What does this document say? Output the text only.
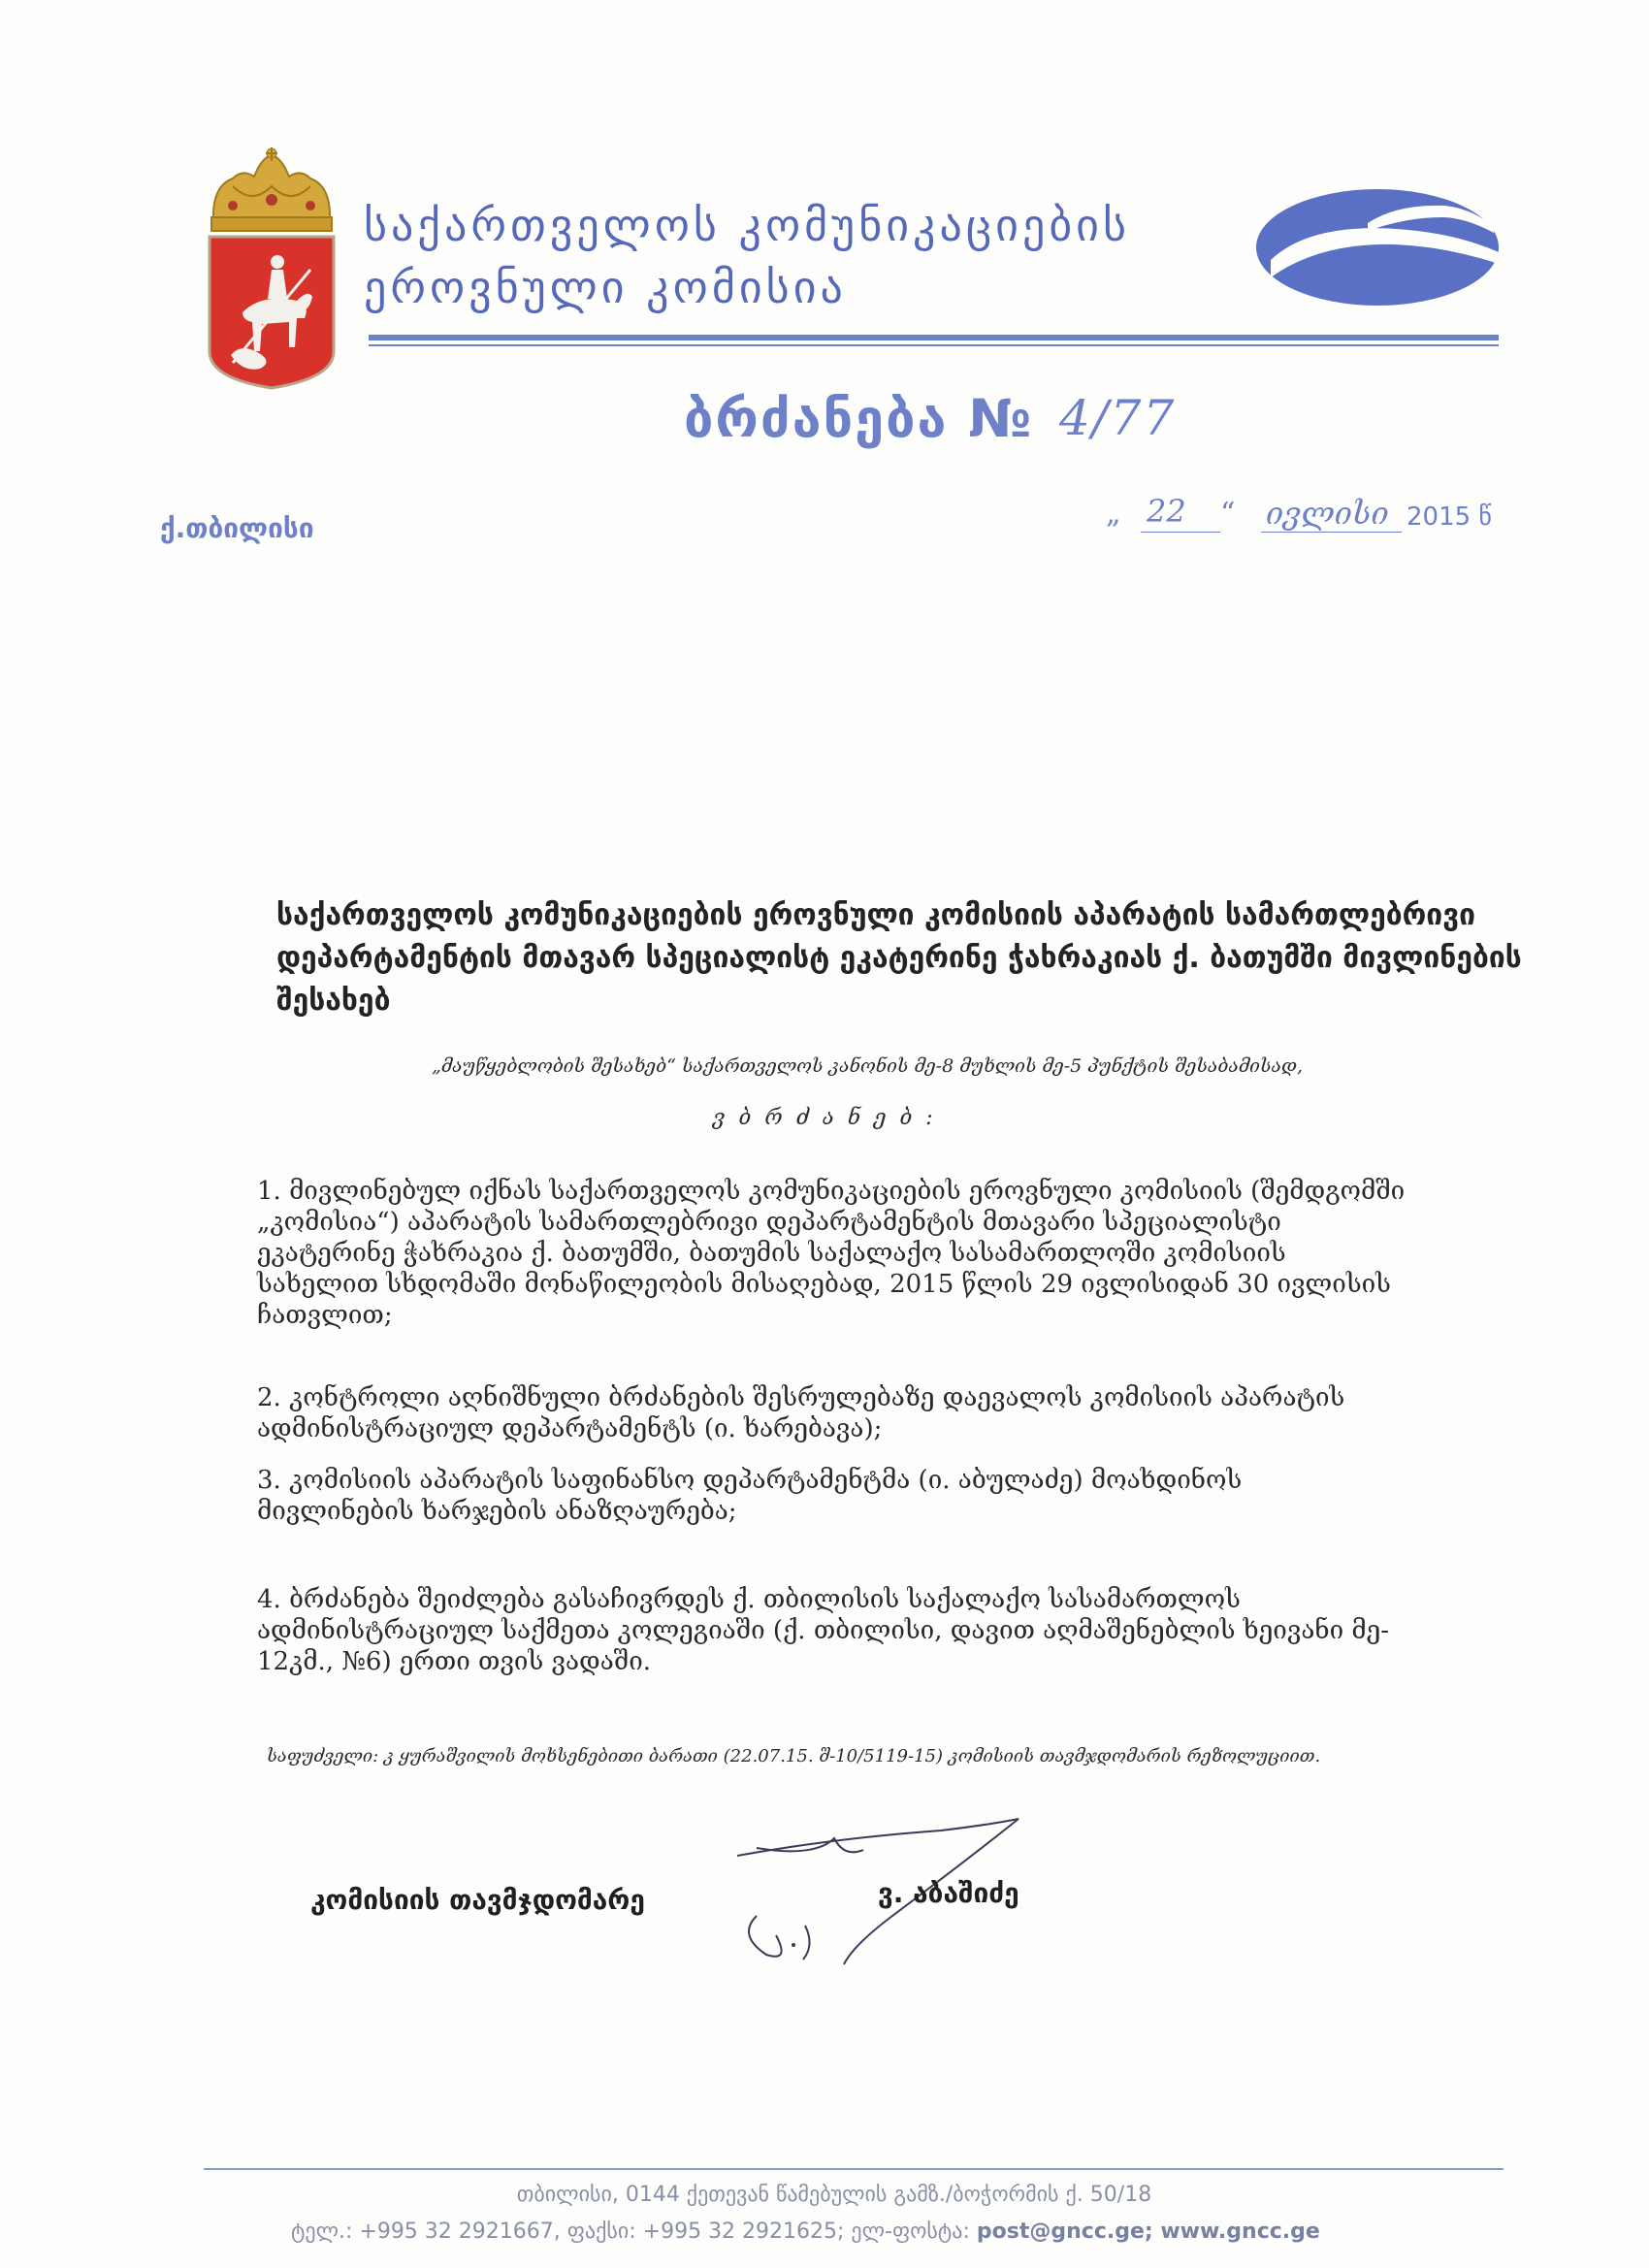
საქართველოს კომუნიკაციების
ეროვნული კომისია
ბრძანება № 4/77
ქ.თბილისი	„ 22 “ ივლისი 2015 წ
საქართველოს კომუნიკაციების ეროვნული კომისიის აპარატის სამართლებრივი
დეპარტამენტის მთავარ სპეციალისტ ეკატერინე ჭახრაკიას ქ. ბათუმში მივლინების
შესახებ
„მაუწყებლობის შესახებ“ საქართველოს კანონის მე-8 მუხლის მე-5 პუნქტის შესაბამისად,
ვბრძანებ:
1. მივლინებულ იქნას საქართველოს კომუნიკაციების ეროვნული კომისიის (შემდგომში
„კომისია“) აპარატის სამართლებრივი დეპარტამენტის მთავარი სპეციალისტი
ეკატერინე ჭახრაკია ქ. ბათუმში, ბათუმის საქალაქო სასამართლოში კომისიის
სახელით სხდომაში მონაწილეობის მისაღებად, 2015 წლის 29 ივლისიდან 30 ივლისის
ჩათვლით;
2. კონტროლი აღნიშნული ბრძანების შესრულებაზე დაევალოს კომისიის აპარატის
ადმინისტრაციულ დეპარტამენტს (ი. ხარებავა);
3. კომისიის აპარატის საფინანსო დეპარტამენტმა (ი. აბულაძე) მოახდინოს
მივლინების ხარჯების ანაზღაურება;
4. ბრძანება შეიძლება გასაჩივრდეს ქ. თბილისის საქალაქო სასამართლოს
ადმინისტრაციულ საქმეთა კოლეგიაში (ქ. თბილისი, დავით აღმაშენებლის ხეივანი მე-
12კმ., №6) ერთი თვის ვადაში.
საფუძველი: კ ყურაშვილის მოხსენებითი ბარათი (22.07.15. შ-10/5119-15) კომისიის თავმჯდომარის რეზოლუციით.
კომისიის თავმჯდომარე	ვ. აბაშიძე
თბილისი, 0144 ქეთევან წამებულის გამზ./ბოჭორმის ქ. 50/18
ტელ.: +995 32 2921667, ფაქსი: +995 32 2921625; ელ-ფოსტა: post@gncc.ge; www.gncc.ge
